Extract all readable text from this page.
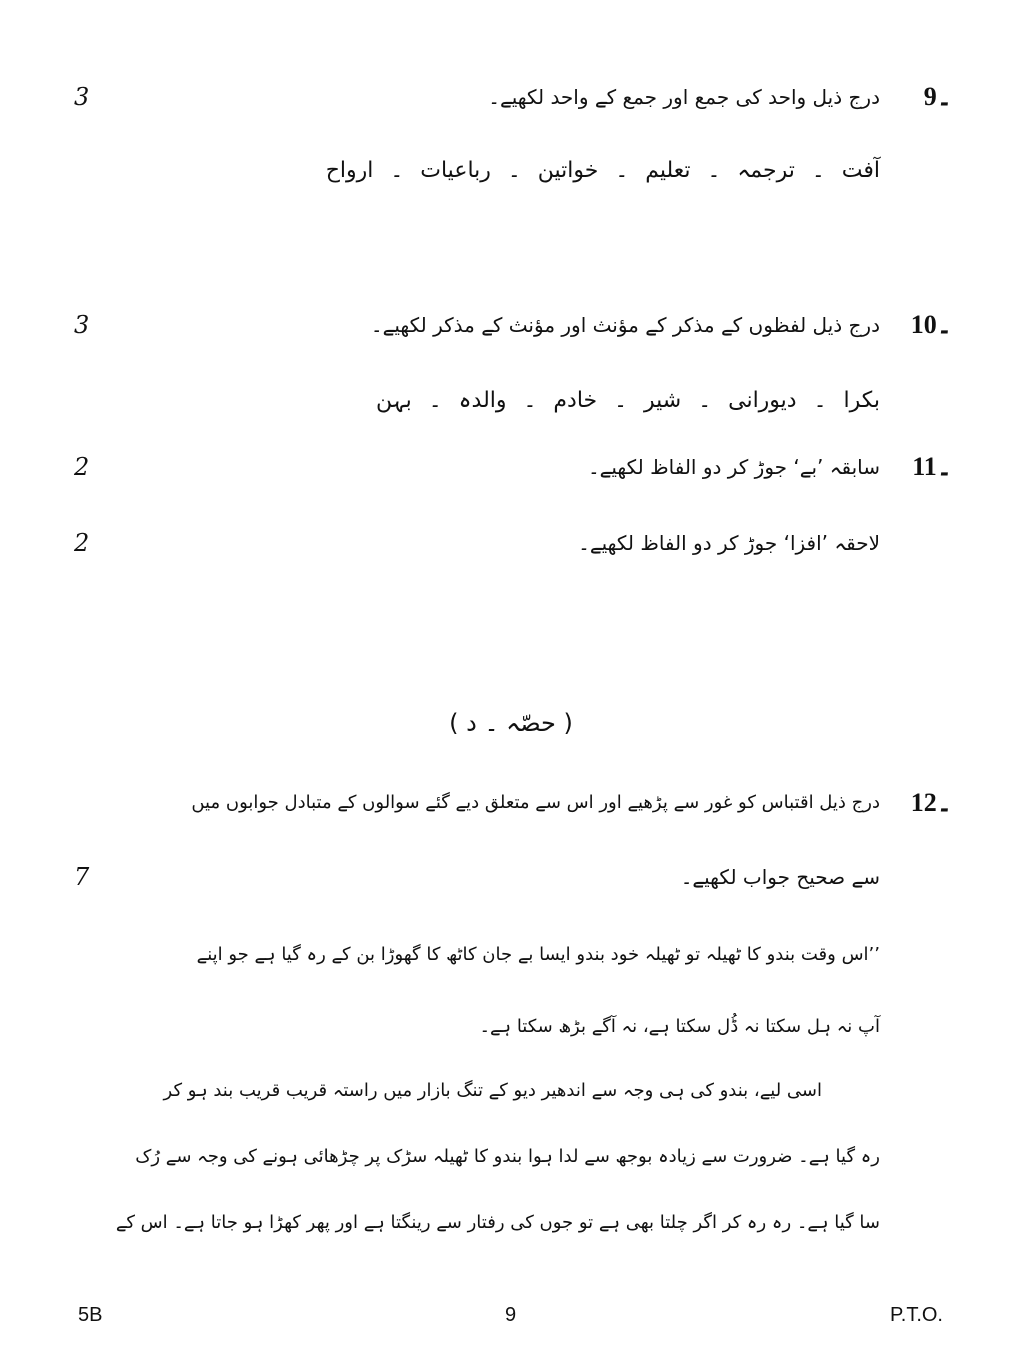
3	9۔
درج ذیل واحد کی جمع اور جمع کے واحد لکھیے۔
آفت ۔ ترجمہ ۔ تعلیم ۔ خواتین ۔ رباعیات ۔ ارواح
3	10۔
درج ذیل لفظوں کے مذکر کے مؤنث اور مؤنث کے مذکر لکھیے۔
بکرا ۔ دیورانی ۔ شیر ۔ خادم ۔ والدہ ۔ بہن
2	11۔
سابقہ ’بے‘ جوڑ کر دو الفاظ لکھیے۔
2	لاحقہ ’افزا‘ جوڑ کر دو الفاظ لکھیے۔
( حصّہ ۔ د )
12۔
درج ذیل اقتباس کو غور سے پڑھیے اور اس سے متعلق دیے گئے سوالوں کے متبادل جوابوں میں
7	سے صحیح جواب لکھیے۔
’’اس وقت بندو کا ٹھیلہ تو ٹھیلہ خود بندو ایسا بے جان کاٹھ کا گھوڑا بن کے رہ گیا ہے جو اپنے
آپ نہ ہل سکتا نہ ڈُل سکتا ہے، نہ آگے بڑھ سکتا ہے۔
اسی لیے، بندو کی ہی وجہ سے اندھیر دیو کے تنگ بازار میں راستہ قریب قریب بند ہو کر
رہ گیا ہے۔ ضرورت سے زیادہ بوجھ سے لدا ہوا بندو کا ٹھیلہ سڑک پر چڑھائی ہونے کی وجہ سے رُک
سا گیا ہے۔ رہ رہ کر اگر چلتا بھی ہے تو جوں کی رفتار سے رینگتا ہے اور پھر کھڑا ہو جاتا ہے۔ اس کے
5B	9	P.T.O.
